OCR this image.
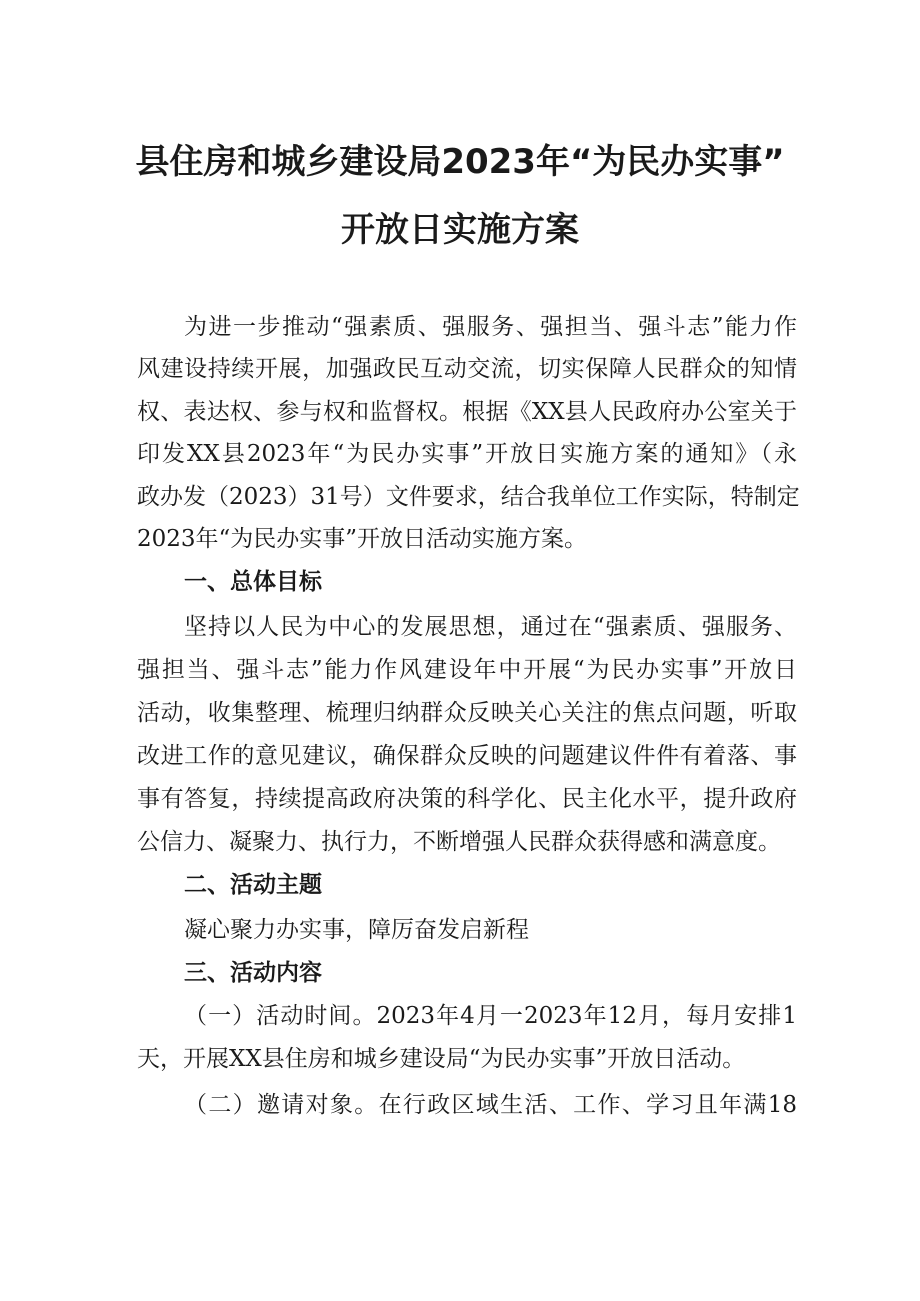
县住房和城乡建设局2023年“为民办实事”
开放日实施方案
为进一步推动“强素质、强服务、强担当、强斗志”能力作
风建设持续开展，加强政民互动交流，切实保障人民群众的知情
权、表达权、参与权和监督权。根据《XX县人民政府办公室关于
印发XX县2023年“为民办实事”开放日实施方案的通知》（永
政办发（2023）31号）文件要求，结合我单位工作实际，特制定
2023年“为民办实事”开放日活动实施方案。
一、总体目标
坚持以人民为中心的发展思想，通过在“强素质、强服务、
强担当、强斗志”能力作风建设年中开展“为民办实事”开放日
活动，收集整理、梳理归纳群众反映关心关注的焦点问题，听取
改进工作的意见建议，确保群众反映的问题建议件件有着落、事
事有答复，持续提高政府决策的科学化、民主化水平，提升政府
公信力、凝聚力、执行力，不断增强人民群众获得感和满意度。
二、活动主题
凝心聚力办实事，障厉奋发启新程
三、活动内容
（一）活动时间。2023年4月一2023年12月，每月安排1
天，开展XX县住房和城乡建设局“为民办实事”开放日活动。
（二）邀请对象。在行政区域生活、工作、学习且年满18
